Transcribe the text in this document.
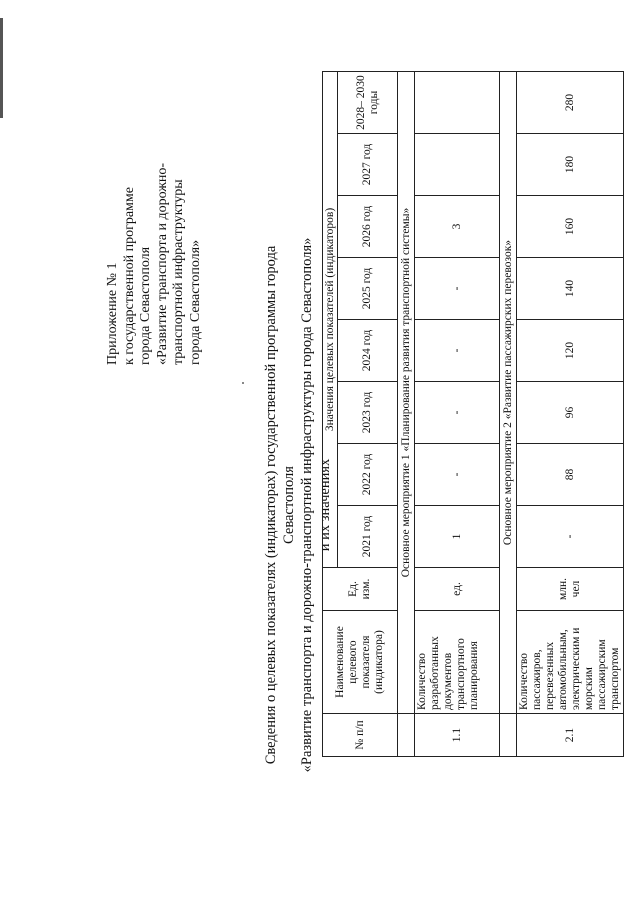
Приложение № 1 к государственной программе города Севастополя «Развитие транспорта и дорожно- транспортной инфраструктуры города Севастополя»	Сведения о целевых показателях (индикаторах) государственной программы города Севастополя «Развитие транспорта и дорожно-транспортной инфраструктуры города Севастополя» и их значениях
№ п/п	Наименование целевого показателя (индикатора)	Ед. изм.	Значения целевых показателей (индикаторов)							
			2021 год	2022 год	2023 год	2024 год	2025 год	2026 год	2027 год	2028– 2030 годы
	Основное мероприятие 1 «Планирование развития транспортной системы»									
1.1	Количество разработанных документов транспортного планирования	ед.	1	-	-	-	-	3		
	Основное мероприятие 2 «Развитие пассажирских перевозок»									
2.1	Количество пассажиров, перевезенных автомобильным, электрическим и морским пассажирским транспортом	млн. чел	-	88	96	120	140	160	180	280
